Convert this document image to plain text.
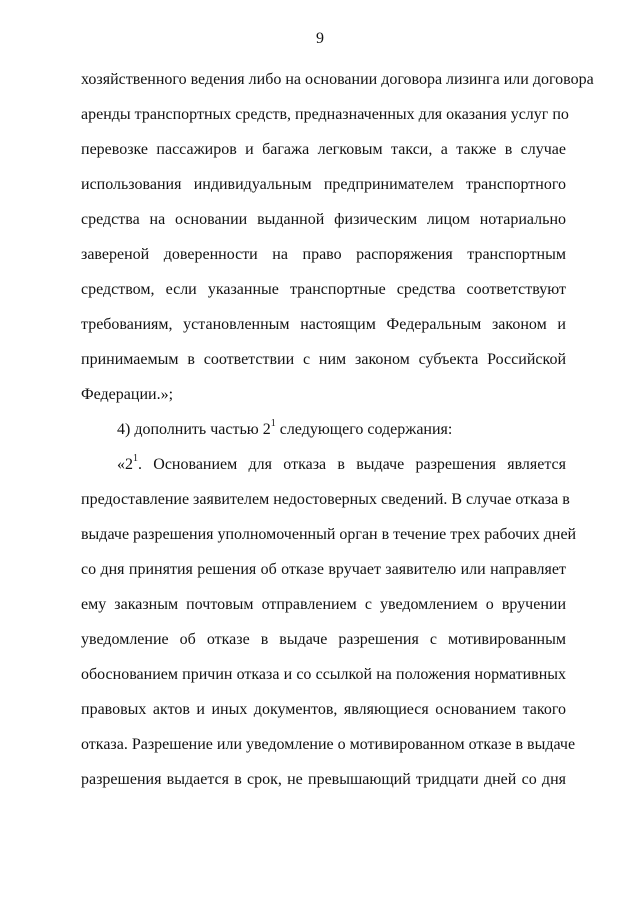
9
хозяйственного ведения либо на основании договора лизинга или договора
аренды транспортных средств, предназначенных для оказания услуг по
перевозке пассажиров и багажа легковым такси, а также в случае
использования индивидуальным предпринимателем транспортного
средства на основании выданной физическим лицом нотариально
завереной доверенности на право распоряжения транспортным
средством, если указанные транспортные средства соответствуют
требованиям, установленным настоящим Федеральным законом и
принимаемым в соответствии с ним законом субъекта Российской
Федерации.»;
4) дополнить частью $2^1$ следующего содержания:
«$2^1$. Основанием для отказа в выдаче разрешения является
предоставление заявителем недостоверных сведений. В случае отказа в
выдаче разрешения уполномоченный орган в течение трех рабочих дней
со дня принятия решения об отказе вручает заявителю или направляет
ему заказным почтовым отправлением с уведомлением о вручении
уведомление об отказе в выдаче разрешения с мотивированным
обоснованием причин отказа и со ссылкой на положения нормативных
правовых актов и иных документов, являющиеся основанием такого
отказа. Разрешение или уведомление о мотивированном отказе в выдаче
разрешения выдается в срок, не превышающий тридцати дней со дня
